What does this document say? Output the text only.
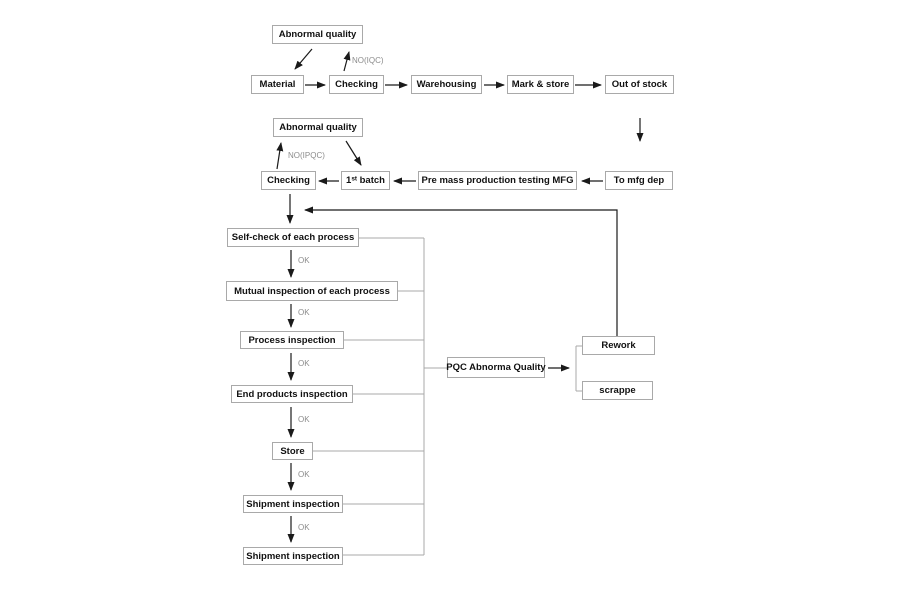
Abnormal quality
Material	Checking	Warehousing	Mark & store	Out of stock
NO(IQC)
Abnormal quality
Checking	1ˢᵗ batch	Pre mass production testing MFG	To mfg dep
NO(IPQC)
Self-check of each process
Mutual inspection of each process
Process inspection
End products inspection
Store
Shipment inspection
Shipment inspection
OK
OK
OK
OK
OK
OK
PQC Abnorma Quality
Rework
scrappe
